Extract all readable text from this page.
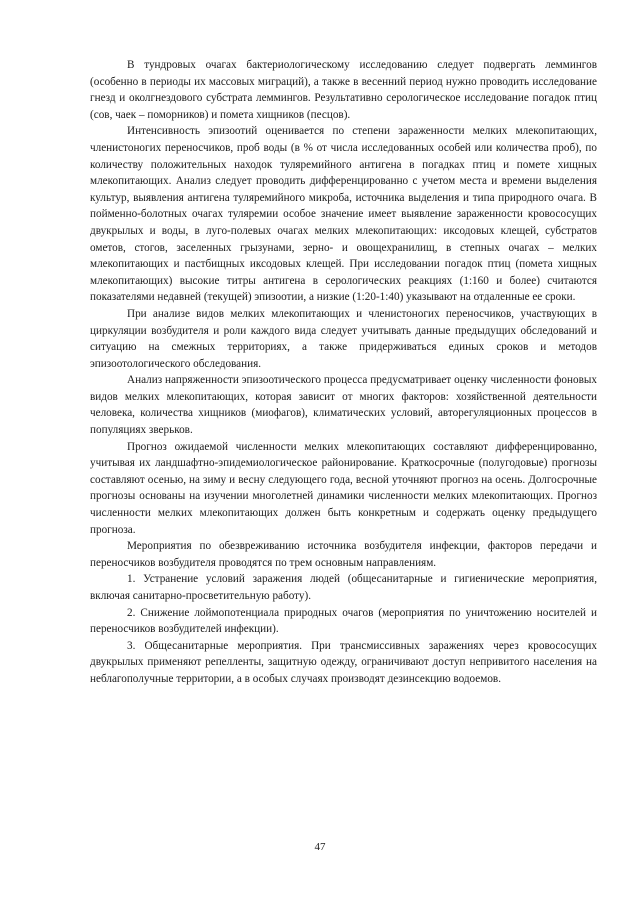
В тундровых очагах бактериологическому исследованию следует подвергать леммингов (особенно в периоды их массовых миграций), а также в весенний период нужно проводить исследование гнезд и околгнездового субстрата леммингов. Результативно серологическое исследование погадок птиц (сов, чаек – поморников) и помета хищников (песцов).

Интенсивность эпизоотий оценивается по степени зараженности мелких млекопитающих, членистоногих переносчиков, проб воды (в % от числа исследованных особей или количества проб), по количеству положительных находок туляремийного антигена в погадках птиц и помете хищных млекопитающих. Анализ следует проводить дифференцированно с учетом места и времени выделения культур, выявления антигена туляремийного микроба, источника выделения и типа природного очага. В пойменно-болотных очагах туляремии особое значение имеет выявление зараженности кровососущих двукрылых и воды, в луго-полевых очагах мелких млекопитающих: иксодовых клещей, субстратов ометов, стогов, заселенных грызунами, зерно- и овощехранилищ, в степных очагах – мелких млекопитающих и пастбищных иксодовых клещей. При исследовании погадок птиц (помета хищных млекопитающих) высокие титры антигена в серологических реакциях (1:160 и более) считаются показателями недавней (текущей) эпизоотии, а низкие (1:20-1:40) указывают на отдаленные ее сроки.

При анализе видов мелких млекопитающих и членистоногих переносчиков, участвующих в циркуляции возбудителя и роли каждого вида следует учитывать данные предыдущих обследований и ситуацию на смежных территориях, а также придерживаться единых сроков и методов эпизоотологического обследования.

Анализ напряженности эпизоотического процесса предусматривает оценку численности фоновых видов мелких млекопитающих, которая зависит от многих факторов: хозяйственной деятельности человека, количества хищников (миофагов), климатических условий, авторегуляционных процессов в популяциях зверьков.

Прогноз ожидаемой численности мелких млекопитающих составляют дифференцированно, учитывая их ландшафтно-эпидемиологическое районирование. Краткосрочные (полугодовые) прогнозы составляют осенью, на зиму и весну следующего года, весной уточняют прогноз на осень. Долгосрочные прогнозы основаны на изучении многолетней динамики численности мелких млекопитающих. Прогноз численности мелких млекопитающих должен быть конкретным и содержать оценку предыдущего прогноза.

Мероприятия по обезвреживанию источника возбудителя инфекции, факторов передачи и переносчиков возбудителя проводятся по трем основным направлениям.

1. Устранение условий заражения людей (общесанитарные и гигиенические мероприятия, включая санитарно-просветительную работу).

2. Снижение лоймопотенциала природных очагов (мероприятия по уничтожению носителей и переносчиков возбудителей инфекции).

3. Общесанитарные мероприятия. При трансмиссивных заражениях через кровососущих двукрылых применяют репелленты, защитную одежду, ограничивают доступ непривитого населения на неблагополучные территории, а в особых случаях производят дезинсекцию водоемов.

47
